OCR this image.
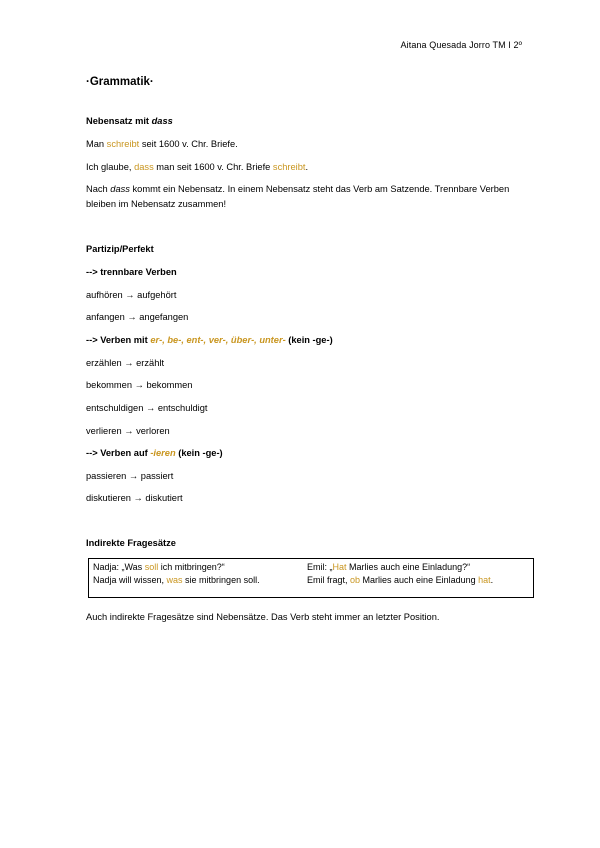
Aitana Quesada Jorro TM I 2º
·Grammatik·
Nebensatz mit dass
Man schreibt seit 1600 v. Chr. Briefe.
Ich glaube, dass man seit 1600 v. Chr. Briefe schreibt.
Nach dass kommt ein Nebensatz. In einem Nebensatz steht das Verb am Satzende. Trennbare Verben bleiben im Nebensatz zusammen!
Partizip/Perfekt
--> trennbare Verben
aufhören → aufgehört
anfangen → angefangen
--> Verben mit er-, be-, ent-, ver-, über-, unter- (kein -ge-)
erzählen → erzählt
bekommen → bekommen
entschuldigen → entschuldigt
verlieren → verloren
--> Verben auf -ieren (kein -ge-)
passieren → passiert
diskutieren → diskutiert
Indirekte Fragesätze
Nadja: „Was soll ich mitbringen?“
Nadja will wissen, was sie mitbringen soll.
Emil: „Hat Marlies auch eine Einladung?“
Emil fragt, ob Marlies auch eine Einladung hat.
Auch indirekte Fragesätze sind Nebensätze. Das Verb steht immer an letzter Position.
